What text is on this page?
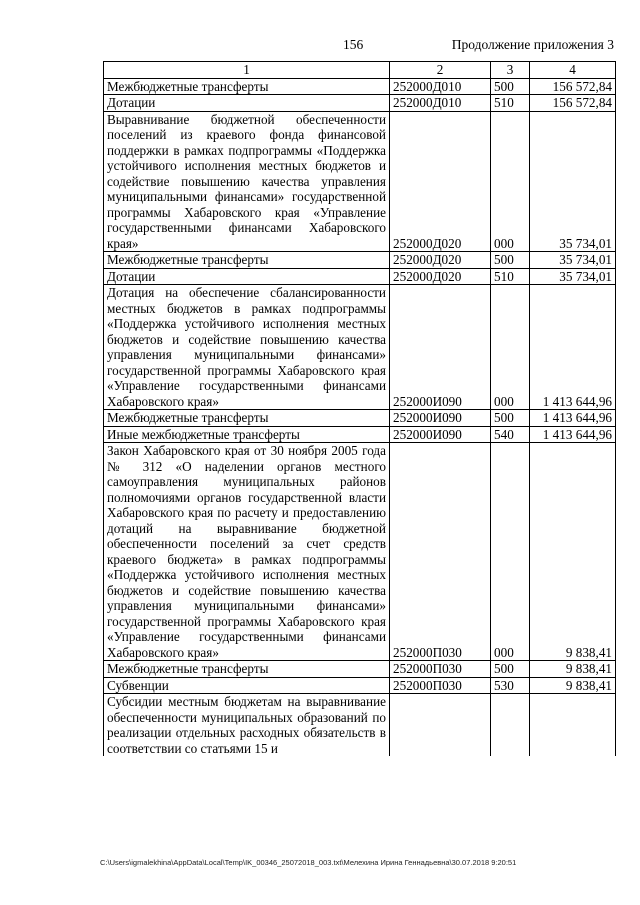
156	Продолжение приложения 3
1	2	3	4
Межбюджетные трансферты	252000Д010	500	156 572,84
Дотации	252000Д010	510	156 572,84
Выравнивание бюджетной обеспеченности поселений из краевого фонда финансовой поддержки в рамках подпрограммы «Поддержка устойчивого исполнения местных бюджетов и содействие повышению качества управления муниципальными финансами» государственной программы Хабаровского края «Управление государственными финансами Хабаровского края»	252000Д020	000	35 734,01
Межбюджетные трансферты	252000Д020	500	35 734,01
Дотации	252000Д020	510	35 734,01
Дотация на обеспечение сбалансированности местных бюджетов в рамках подпрограммы «Поддержка устойчивого исполнения местных бюджетов и содействие повышению качества управления муниципальными финансами» государственной программы Хабаровского края «Управление государственными финансами Хабаровского края»	252000И090	000	1 413 644,96
Межбюджетные трансферты	252000И090	500	1 413 644,96
Иные межбюджетные трансферты	252000И090	540	1 413 644,96
Закон Хабаровского края от 30 ноября 2005 года № 312 «О наделении органов местного самоуправления муниципальных районов полномочиями органов государственной власти Хабаровского края по расчету и предоставлению дотаций на выравнивание бюджетной обеспеченности поселений за счет средств краевого бюджета» в рамках подпрограммы «Поддержка устойчивого исполнения местных бюджетов и содействие повышению качества управления муниципальными финансами» государственной программы Хабаровского края «Управление государственными финансами Хабаровского края»	252000П030	000	9 838,41
Межбюджетные трансферты	252000П030	500	9 838,41
Субвенции	252000П030	530	9 838,41
Субсидии местным бюджетам на выравнивание обеспеченности муниципальных образований по реализации отдельных расходных обязательств в соответствии со статьями 15 и			
C:\Users\igmalekhina\AppData\Local\Temp\IK_00346_25072018_003.txt\Мелехина Ирина Геннадьевна\30.07.2018 9:20:51
